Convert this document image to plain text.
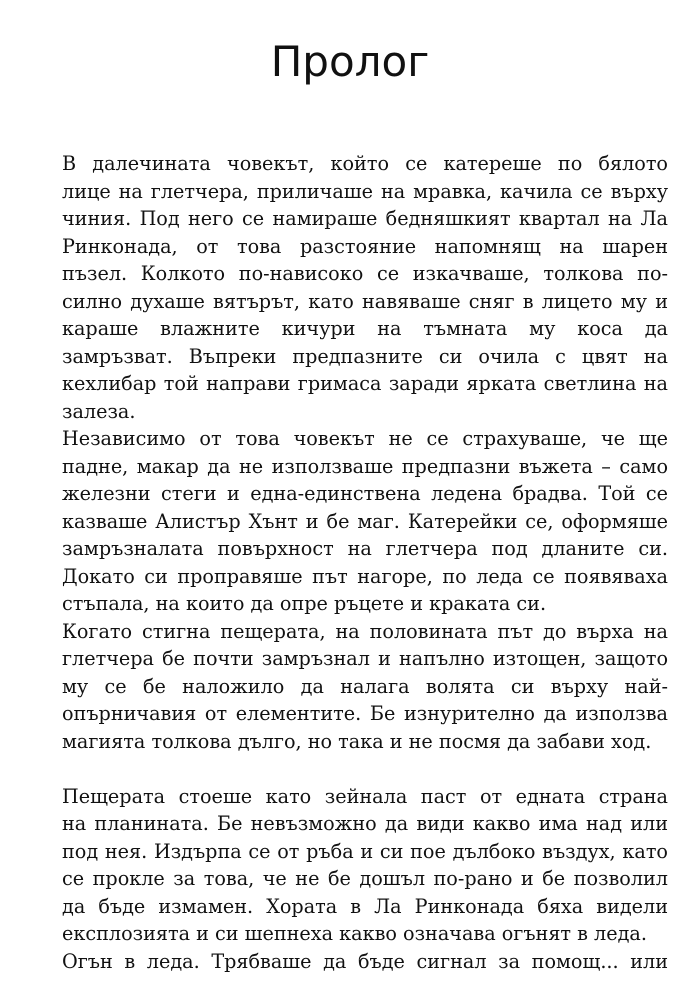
Пролог
В далечината човекът, който се катереше по бялото
лице на глетчера, приличаше на мравка, качила се върху
чиния. Под него се намираше бедняшкият квартал на Ла
Ринконада, от това разстояние напомнящ на шарен
пъзел. Колкото по-нависоко се изкачваше, толкова по-
силно духаше вятърът, като навяваше сняг в лицето му и
караше влажните кичури на тъмната му коса да
замръзват. Въпреки предпазните си очила с цвят на
кехлибар той направи гримаса заради ярката светлина на
залеза.
Независимо от това човекът не се страхуваше, че ще
падне, макар да не използваше предпазни въжета – само
железни стеги и една-единствена ледена брадва. Той се
казваше Алистър Хънт и бе маг. Катерейки се, оформяше
замръзналата повърхност на глетчера под дланите си.
Докато си проправяше път нагоре, по леда се появяваха
стъпала, на които да опре ръцете и краката си.
Когато стигна пещерата, на половината път до върха на
глетчера бе почти замръзнал и напълно изтощен, защото
му се бе наложило да налага волята си върху най-
опърничавия от елементите. Бе изнурително да използва
магията толкова дълго, но така и не посмя да забави ход.
Пещерата стоеше като зейнала паст от едната страна
на планината. Бе невъзможно да види какво има над или
под нея. Издърпа се от ръба и си пое дълбоко въздух, като
се прокле за това, че не бе дошъл по-рано и бе позволил
да бъде измамен. Хората в Ла Ринконада бяха видели
експлозията и си шепнеха какво означава огънят в леда.
Огън в леда. Трябваше да бъде сигнал за помощ... или
